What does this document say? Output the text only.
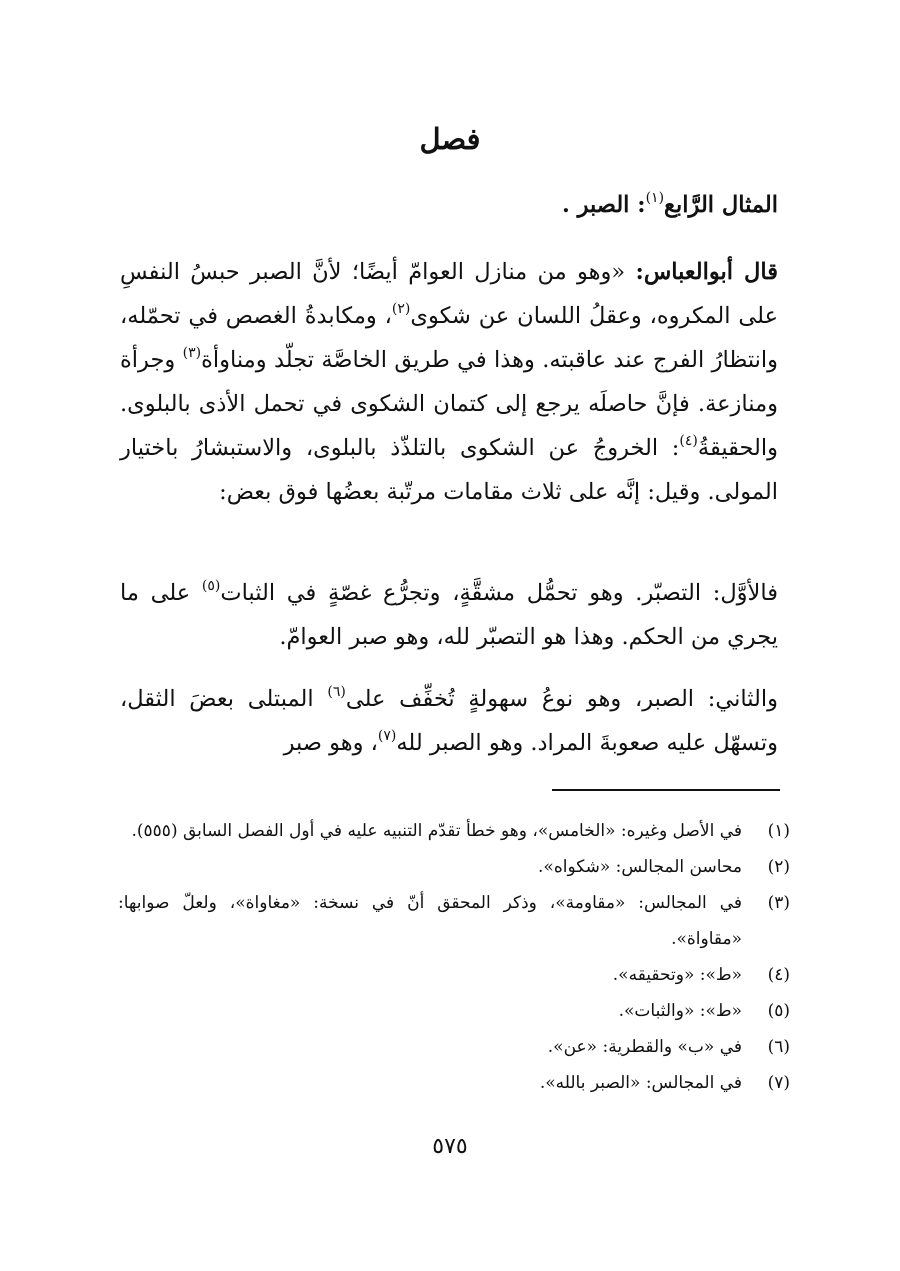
فصل
المثال الرَّابع$^{(١)}$: الصبر .
قال أبوالعباس: «وهو من منازل العوامّ أيضًا؛ لأنَّ الصبر حبسُ النفسِ على المكروه، وعقلُ اللسان عن شكوى$^{(٢)}$، ومكابدةُ الغصص في تحمّله، وانتظارُ الفرج عند عاقبته. وهذا في طريق الخاصَّة تجلّد ومناوأة$^{(٣)}$ وجرأة ومنازعة. فإنَّ حاصلَه يرجع إلى كتمان الشكوى في تحمل الأذى بالبلوى. والحقيقةُ$^{(٤)}$: الخروجُ عن الشكوى بالتلذّذ بالبلوى، والاستبشارُ باختيار المولى. وقيل: إنَّه على ثلاث مقامات مرتّبة بعضُها فوق بعض:
فالأوَّل: التصبّر. وهو تحمُّل مشقَّةٍ، وتجرُّع غصّةٍ في الثبات$^{(٥)}$ على ما يجري من الحكم. وهذا هو التصبّر لله، وهو صبر العوامّ.
والثاني: الصبر، وهو نوعُ سهولةٍ تُخفِّف على$^{(٦)}$ المبتلى بعضَ الثقل، وتسهّل عليه صعوبةَ المراد. وهو الصبر لله$^{(٧)}$، وهو صبر
(١)
في الأصل وغيره: «الخامس»، وهو خطأ تقدّم التنبيه عليه في أول الفصل السابق (٥٥٥).
(٢)
محاسن المجالس: «شكواه».
(٣)
في المجالس: «مقاومة»، وذكر المحقق أنّ في نسخة: «مغاواة»، ولعلّ صوابها: «مقاواة».
(٤)
«ط»: «وتحقيقه».
(٥)
«ط»: «والثبات».
(٦)
في «ب» والقطرية: «عن».
(٧)
في المجالس: «الصبر بالله».
٥٧٥
